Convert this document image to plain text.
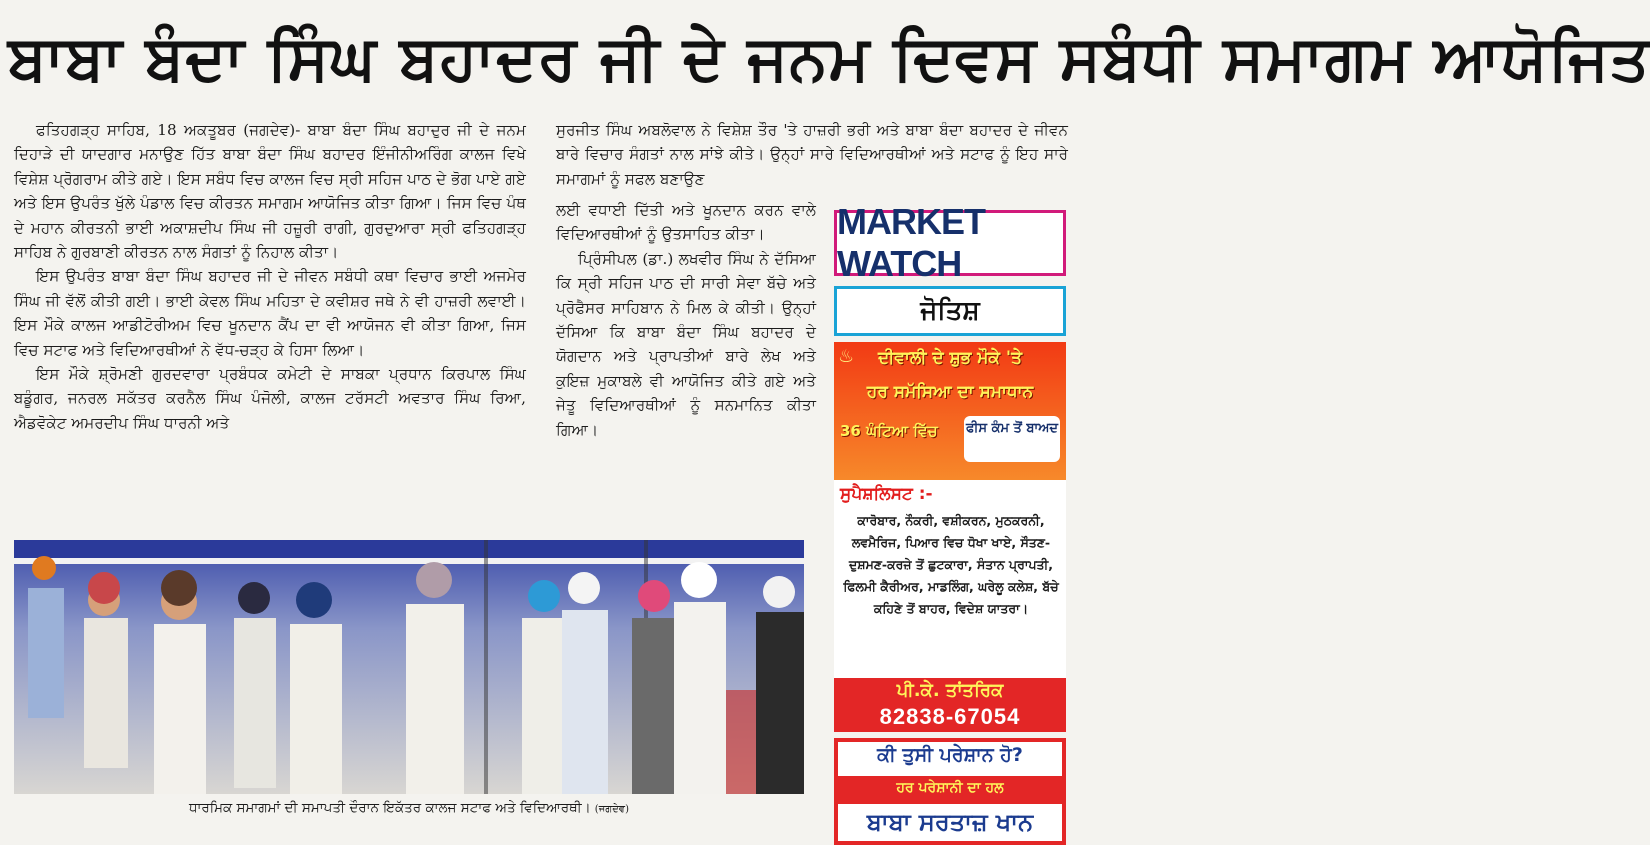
ਬਾਬਾ ਬੰਦਾ ਸਿੰਘ ਬਹਾਦਰ ਜੀ ਦੇ ਜਨਮ ਦਿਵਸ ਸਬੰਧੀ ਸਮਾਗਮ ਆਯੋਜਿਤ

ਫਤਿਹਗੜ੍ਹ ਸਾਹਿਬ, 18 ਅਕਤੂਬਰ (ਜਗਦੇਵ)- ਬਾਬਾ ਬੰਦਾ ਸਿੰਘ ਬਹਾਦੁਰ ਜੀ ਦੇ ਜਨਮ ਦਿਹਾੜੇ ਦੀ ਯਾਦਗਾਰ ਮਨਾਉਣ ਹਿੱਤ ਬਾਬਾ ਬੰਦਾ ਸਿੰਘ ਬਹਾਦਰ ਇੰਜੀਨੀਅਰਿੰਗ ਕਾਲਜ ਵਿਖੇ ਵਿਸ਼ੇਸ਼ ਪ੍ਰੋਗਰਾਮ ਕੀਤੇ ਗਏ। ਇਸ ਸਬੰਧ ਵਿਚ ਕਾਲਜ ਵਿਚ ਸ੍ਰੀ ਸਹਿਜ ਪਾਠ ਦੇ ਭੋਗ ਪਾਏ ਗਏ ਅਤੇ ਇਸ ਉਪਰੰਤ ਖੁੱਲੇ ਪੰਡਾਲ ਵਿਚ ਕੀਰਤਨ ਸਮਾਗਮ ਆਯੋਜਿਤ ਕੀਤਾ ਗਿਆ। ਜਿਸ ਵਿਚ ਪੰਥ ਦੇ ਮਹਾਨ ਕੀਰਤਨੀ ਭਾਈ ਅਕਾਸ਼ਦੀਪ ਸਿੰਘ ਜੀ ਹਜ਼ੂਰੀ ਰਾਗੀ, ਗੁਰਦੁਆਰਾ ਸ੍ਰੀ ਫਤਿਹਗੜ੍ਹ ਸਾਹਿਬ ਨੇ ਗੁਰਬਾਣੀ ਕੀਰਤਨ ਨਾਲ ਸੰਗਤਾਂ ਨੂੰ ਨਿਹਾਲ ਕੀਤਾ।

ਇਸ ਉਪਰੰਤ ਬਾਬਾ ਬੰਦਾ ਸਿੰਘ ਬਹਾਦਰ ਜੀ ਦੇ ਜੀਵਨ ਸਬੰਧੀ ਕਥਾ ਵਿਚਾਰ ਭਾਈ ਅਜਮੇਰ ਸਿੰਘ ਜੀ ਵੱਲੋਂ ਕੀਤੀ ਗਈ। ਭਾਈ ਕੇਵਲ ਸਿੰਘ ਮਹਿਤਾ ਦੇ ਕਵੀਸ਼ਰ ਜਥੇ ਨੇ ਵੀ ਹਾਜ਼ਰੀ ਲਵਾਈ। ਇਸ ਮੌਕੇ ਕਾਲਜ ਆਡੀਟੋਰੀਅਮ ਵਿਚ ਖੂਨਦਾਨ ਕੈਂਪ ਦਾ ਵੀ ਆਯੋਜਨ ਵੀ ਕੀਤਾ ਗਿਆ, ਜਿਸ ਵਿਚ ਸਟਾਫ ਅਤੇ ਵਿਦਿਆਰਥੀਆਂ ਨੇ ਵੱਧ-ਚੜ੍ਹ ਕੇ ਹਿਸਾ ਲਿਆ।

ਇਸ ਮੌਕੇ ਸ਼੍ਰੋਮਣੀ ਗੁਰਦਵਾਰਾ ਪ੍ਰਬੰਧਕ ਕਮੇਟੀ ਦੇ ਸਾਬਕਾ ਪ੍ਰਧਾਨ ਕਿਰਪਾਲ ਸਿੰਘ ਬਡੂੰਗਰ, ਜਨਰਲ ਸਕੱਤਰ ਕਰਨੈਲ ਸਿੰਘ ਪੰਜੋਲੀ, ਕਾਲਜ ਟਰੱਸਟੀ ਅਵਤਾਰ ਸਿੰਘ ਰਿਆ, ਐਡਵੋਕੇਟ ਅਮਰਦੀਪ ਸਿੰਘ ਧਾਰਨੀ ਅਤੇ

ਸੁਰਜੀਤ ਸਿੰਘ ਅਬਲੋਵਾਲ ਨੇ ਵਿਸ਼ੇਸ਼ ਤੌਰ 'ਤੇ ਹਾਜ਼ਰੀ ਭਰੀ ਅਤੇ ਬਾਬਾ ਬੰਦਾ ਬਹਾਦਰ ਦੇ ਜੀਵਨ ਬਾਰੇ ਵਿਚਾਰ ਸੰਗਤਾਂ ਨਾਲ ਸਾਂਝੇ ਕੀਤੇ। ਉਨ੍ਹਾਂ ਸਾਰੇ ਵਿਦਿਆਰਥੀਆਂ ਅਤੇ ਸਟਾਫ ਨੂੰ ਇਹ ਸਾਰੇ ਸਮਾਗਮਾਂ ਨੂੰ ਸਫਲ ਬਣਾਉਣ

ਲਈ ਵਧਾਈ ਦਿੱਤੀ ਅਤੇ ਖੂਨਦਾਨ ਕਰਨ ਵਾਲੇ ਵਿਦਿਆਰਥੀਆਂ ਨੂੰ ਉਤਸਾਹਿਤ ਕੀਤਾ।

ਪ੍ਰਿੰਸੀਪਲ (ਡਾ.) ਲਖਵੀਰ ਸਿੰਘ ਨੇ ਦੱਸਿਆ ਕਿ ਸ੍ਰੀ ਸਹਿਜ ਪਾਠ ਦੀ ਸਾਰੀ ਸੇਵਾ ਬੱਚੇ ਅਤੇ ਪ੍ਰੋਫੈਸਰ ਸਾਹਿਬਾਨ ਨੇ ਮਿਲ ਕੇ ਕੀਤੀ। ਉਨ੍ਹਾਂ ਦੱਸਿਆ ਕਿ ਬਾਬਾ ਬੰਦਾ ਸਿੰਘ ਬਹਾਦਰ ਦੇ ਯੋਗਦਾਨ ਅਤੇ ਪ੍ਰਾਪਤੀਆਂ ਬਾਰੇ ਲੇਖ ਅਤੇ ਕੁਇਜ਼ ਮੁਕਾਬਲੇ ਵੀ ਆਯੋਜਿਤ ਕੀਤੇ ਗਏ ਅਤੇ ਜੇਤੂ ਵਿਦਿਆਰਥੀਆਂ ਨੂੰ ਸਨਮਾਨਿਤ ਕੀਤਾ ਗਿਆ।

MARKET WATCH
ਜੋਤਿਸ਼
♨	ਦੀਵਾਲੀ ਦੇ ਸ਼ੁਭ ਮੌਕੇ 'ਤੇ
ਹਰ ਸਮੱਸਿਆ ਦਾ ਸਮਾਧਾਨ
36 ਘੰਟਿਆ ਵਿੱਚ	ਫੀਸ ਕੰਮ ਤੋਂ ਬਾਅਦ
ਸੁਪੈਸ਼ਲਿਸਟ :-
ਕਾਰੋਬਾਰ, ਨੌਕਰੀ, ਵਸ਼ੀਕਰਨ, ਮੁਠਕਰਨੀ, ਲਵਮੈਰਿਜ, ਪਿਆਰ ਵਿਚ ਧੋਖਾ ਖਾਏ, ਸੌਤਣ-ਦੁਸ਼ਮਣ-ਕਰਜ਼ੇ ਤੋਂ ਛੁਟਕਾਰਾ, ਸੰਤਾਨ ਪ੍ਰਾਪਤੀ, ਫਿਲਮੀ ਕੈਰੀਅਰ, ਮਾਡਲਿੰਗ, ਘਰੇਲੂ ਕਲੇਸ਼, ਬੱਚੇ ਕਹਿਣੇ ਤੋਂ ਬਾਹਰ, ਵਿਦੇਸ਼ ਯਾਤਰਾ।
ਪੀ.ਕੇ. ਤਾਂਤਰਿਕ
82838-67054
ਕੀ ਤੁਸੀ ਪਰੇਸ਼ਾਨ ਹੋ?
ਹਰ ਪਰੇਸ਼ਾਨੀ ਦਾ ਹਲ
ਬਾਬਾ ਸਰਤਾਜ਼ ਖਾਨ
ਧਾਰਮਿਕ ਸਮਾਗਮਾਂ ਦੀ ਸਮਾਪਤੀ ਦੌਰਾਨ ਇਕੱਤਰ ਕਾਲਜ ਸਟਾਫ ਅਤੇ ਵਿਦਿਆਰਥੀ। (ਜਗਦੇਵ)
